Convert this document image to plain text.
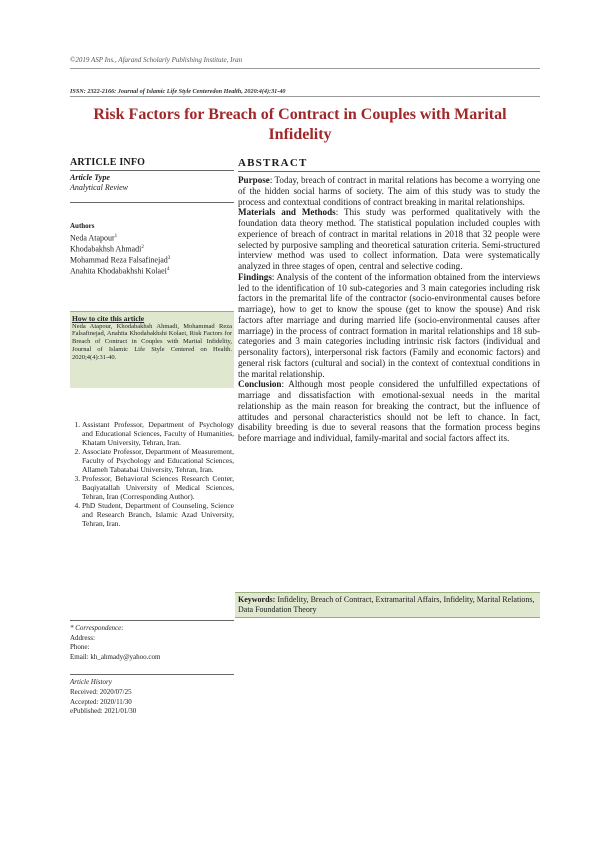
©2019 ASP Ins., Afarand Scholarly Publishing Institute, Iran
ISSN: 2322-2166: Journal of Islamic Life Style Centeredon Health, 2020:4(4):31-40
Risk Factors for Breach of Contract in Couples with Marital Infidelity
ARTICLE INFO
Article Type
Analytical Review
Authors
Neda Atapour$^1$
Khodabakhsh Ahmadi$^2$
Mohammad Reza Falsafinejad$^3$
Anahita Khodabakhshi Kolaei$^4$
How to cite this article
Neda Atapour, Khodabakhsh Ahmadi, Mohammad Reza Falsafinejad, Anahita Khodabakhshi Kolaei, Risk Factors for Breach of Contract in Couples with Marital Infidelity, Journal of Islamic Life Style Centered on Health. 2020;4(4):31-40.
1. Assistant Professor, Department of Psychology and Educational Sciences, Faculty of Humanities, Khatam University, Tehran, Iran.
2. Associate Professor, Department of Measurement, Faculty of Psychology and Educational Sciences, Allameh Tabatabai University, Tehran, Iran.
3. Professor, Behavioral Sciences Research Center, Baqiyatallah University of Medical Sciences, Tehran, Iran (Corresponding Author).
4. PhD Student, Department of Counseling, Science and Research Branch, Islamic Azad University, Tehran, Iran.
* Correspondence:
Address:
Phone:
Email: kh_ahmady@yahoo.com
Article History
Received: 2020/07/25
Accepted: 2020/11/30
ePublished: 2021/01/30
ABSTRACT

Purpose: Today, breach of contract in marital relations has become a worrying one of the hidden social harms of society. The aim of this study was to study the process and contextual conditions of contract breaking in marital relationships.

Materials and Methods: This study was performed qualitatively with the foundation data theory method. The statistical population included couples with experience of breach of contract in marital relations in 2018 that 32 people were selected by purposive sampling and theoretical saturation criteria. Semi-structured interview method was used to collect information. Data were systematically analyzed in three stages of open, central and selective coding.

Findings: Analysis of the content of the information obtained from the interviews led to the identification of 10 sub-categories and 3 main categories including risk factors in the premarital life of the contractor (socio-environmental causes before marriage), how to get to know the spouse (get to know the spouse) And risk factors after marriage and during married life (socio-environmental causes after marriage) in the process of contract formation in marital relationships and 18 sub-categories and 3 main categories including intrinsic risk factors (individual and personality factors), interpersonal risk factors (Family and economic factors) and general risk factors (cultural and social) in the context of contextual conditions in the marital relationship.

Conclusion: Although most people considered the unfulfilled expectations of marriage and dissatisfaction with emotional-sexual needs in the marital relationship as the main reason for breaking the contract, but the influence of attitudes and personal characteristics should not be left to chance. In fact, disability breeding is due to several reasons that the formation process begins before marriage and individual, family-marital and social factors affect its.

Keywords: Infidelity, Breach of Contract, Extramarital Affairs, Infidelity, Marital Relations, Data Foundation Theory
